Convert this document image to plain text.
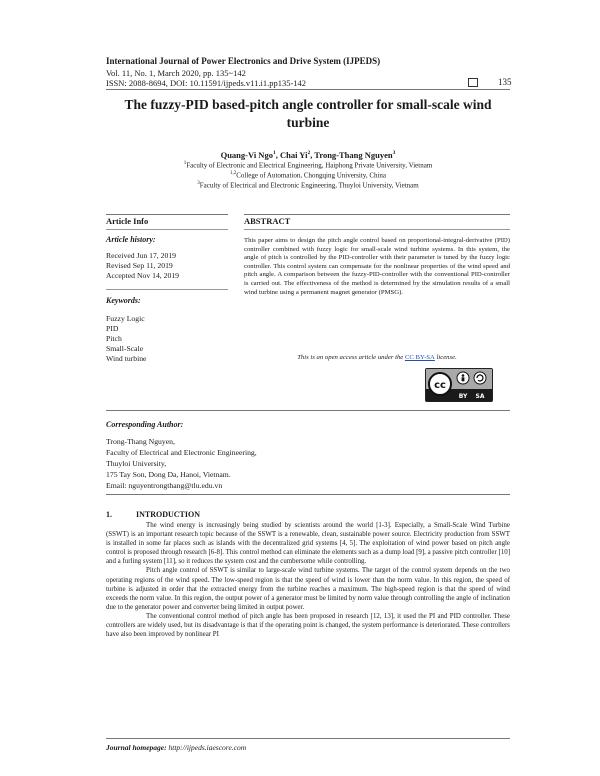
International Journal of Power Electronics and Drive System (IJPEDS)
Vol. 11, No. 1, March 2020, pp. 135~142
ISSN: 2088-8694, DOI: 10.11591/ijpeds.v11.i1.pp135-142	135
The fuzzy-PID based-pitch angle controller for small-scale wind
turbine
Quang-Vi Ngo$^1$, Chai Yi$^2$, Trong-Thang Nguyen$^3$
$^1$Faculty of Electronic and Electrical Engineering, Haiphong Private University, Vietnam
$^{1,2}$College of Automation, Chongqing University, China
$^3$Faculty of Electrical and Electronic Engineering, Thuyloi University, Vietnam
Article Info	ABSTRACT
Article history:
Received Jun 17, 2019
Revised Sep 11, 2019
Accepted Nov 14, 2019
Keywords:
Fuzzy Logic
PID
Pitch
Small-Scale
Wind turbine
This paper aims to design the pitch angle control based on proportional-integral-derivative (PID) controller combined with fuzzy logic for small-scale wind turbine systems. In this system, the angle of pitch is controlled by the PID-controller with their parameter is tuned by the fuzzy logic controller. This control system can compensate for the nonlinear properties of the wind speed and pitch angle. A comparison between the fuzzy-PID-controller with the conventional PID-controller is carried out. The effectiveness of the method is determined by the simulation results of a small wind turbine using a permanent magnet generator (PMSG).
This is an open access article under the CC BY-SA license.
cc
BY SA
Corresponding Author:
Trong-Thang Nguyen,
Faculty of Electrical and Electronic Engineering,
Thuyloi University,
175 Tay Son, Dong Da, Hanoi, Vietnam.
Email: nguyentrongthang@tlu.edu.vn
1.	INTRODUCTION

The wind energy is increasingly being studied by scientists around the world [1-3]. Especially, a Small-Scale Wind Turbine (SSWT) is an important research topic because of the SSWT is a renewable, clean, sustainable power source. Electricity production from SSWT is installed in some far places such as islands with the decentralized grid systems [4, 5]. The exploitation of wind power based on pitch angle control is proposed through research [6-8]. This control method can eliminate the elements such as a dump load [9], a passive pitch controller [10] and a furling system [11], so it reduces the system cost and the cumbersome while controlling.

Pitch angle control of SSWT is similar to large-scale wind turbine systems. The target of the control system depends on the two operating regions of the wind speed. The low-speed region is that the speed of wind is lower than the norm value. In this region, the speed of turbine is adjusted in order that the extracted energy from the turbine reaches a maximum. The high-speed region is that the speed of wind exceeds the norm value. In this region, the output power of a generator must be limited by norm value through controlling the angle of inclination due to the generator power and converter being limited in output power.

The conventional control method of pitch angle has been proposed in research [12, 13], it used the PI and PID controller. These controllers are widely used, but its disadvantage is that if the operating point is changed, the system performance is deteriorated. These controllers have also been improved by nonlinear PI

Journal homepage: http://ijpeds.iaescore.com
